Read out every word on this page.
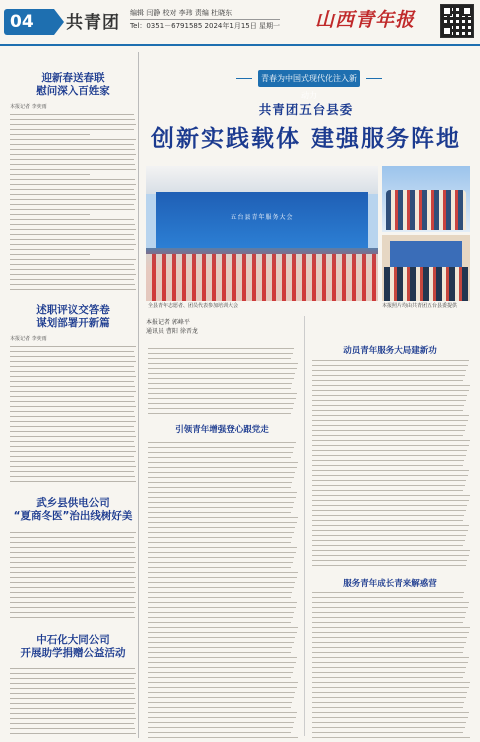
04	共青团 编辑 闫静 校对 李玮 责编 杜晓东
Tel：0351－6791585 2024年1月15日 星期一 山西青年报
迎新春送春联
慰问深入百姓家
本报记者 李奕雨
述职评议交答卷
谋划部署开新篇
本报记者 李奕雨
武乡县供电公司
“夏商冬医”治出线树好美
中石化大同公司
开展助学捐赠公益活动
青春为中国式现代化注入新动力
共青团五台县委
创新实践载体 建强服务阵地
五台县青年服务大会
全县青年志愿者、团员代表参加培训大会	本报照片均由共青团五台县委提供
本报记者 郭峰平
通讯员 曹阳 徐晋龙
动员青年服务大局建新功
引领青年增强登心跟党走
服务青年成长青来解惑营
